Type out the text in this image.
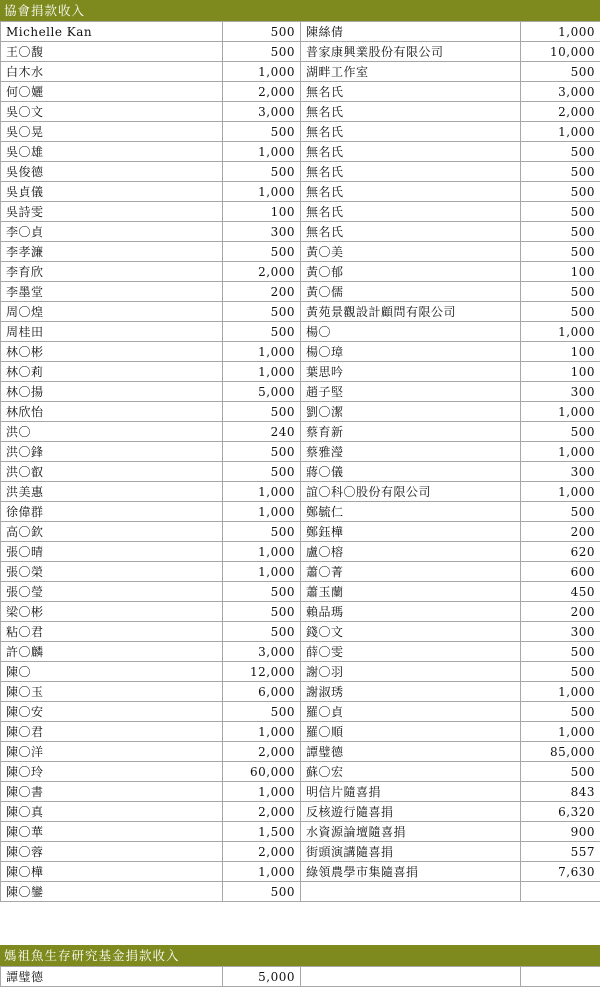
協會捐款收入
Michelle Kan	500	陳絲倩	1,000
王〇馥	500	普家康興業股份有限公司	10,000
白木水	1,000	湖畔工作室	500
何〇孋	2,000	無名氏	3,000
吳〇文	3,000	無名氏	2,000
吳〇晃	500	無名氏	1,000
吳〇雄	1,000	無名氏	500
吳俊德	500	無名氏	500
吳貞儀	1,000	無名氏	500
吳詩雯	100	無名氏	500
李〇貞	300	無名氏	500
李孝濂	500	黃〇美	500
李育欣	2,000	黃〇郁	100
李墨堂	200	黃〇儒	500
周〇煌	500	黃苑景觀設計顧問有限公司	500
周桂田	500	楊〇	1,000
林〇彬	1,000	楊〇璋	100
林〇莉	1,000	葉思吟	100
林〇揚	5,000	趙子堅	300
林欣怡	500	劉〇潔	1,000
洪〇	240	蔡育新	500
洪〇鋒	500	蔡雅瀅	1,000
洪〇叡	500	蔣〇儀	300
洪美惠	1,000	誼〇科〇股份有限公司	1,000
徐偉群	1,000	鄭毓仁	500
高〇欽	500	鄭鈺樺	200
張〇晴	1,000	盧〇榕	620
張〇榮	1,000	蕭〇菁	600
張〇瑩	500	蕭玉蘭	450
梁〇彬	500	賴品瑪	200
粘〇君	500	錢〇文	300
許〇麟	3,000	薛〇雯	500
陳〇	12,000	謝〇羽	500
陳〇玉	6,000	謝淑琇	1,000
陳〇安	500	羅〇貞	500
陳〇君	1,000	羅〇順	1,000
陳〇洋	2,000	譚璧德	85,000
陳〇玲	60,000	蘇〇宏	500
陳〇書	1,000	明信片隨喜捐	843
陳〇真	2,000	反核遊行隨喜捐	6,320
陳〇華	1,500	水資源論壇隨喜捐	900
陳〇蓉	2,000	街頭演講隨喜捐	557
陳〇樺	1,000	綠領農學市集隨喜捐	7,630
陳〇鑾	500		
媽祖魚生存研究基金捐款收入
譚璧德	5,000		
